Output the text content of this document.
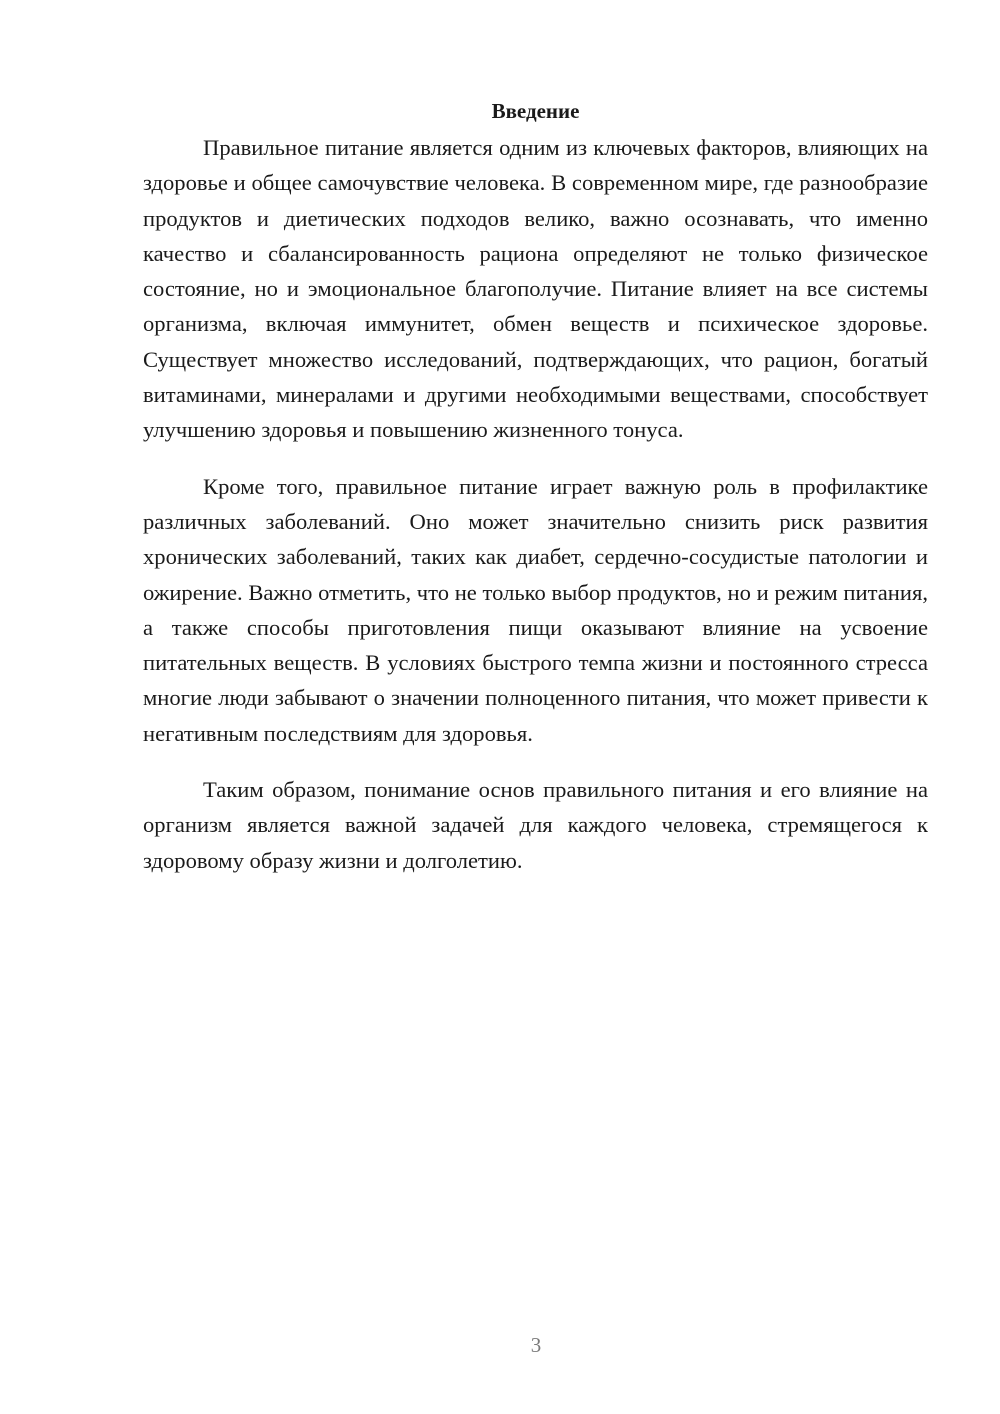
Введение

Правильное питание является одним из ключевых факторов, влияющих на здоровье и общее самочувствие человека. В современном мире, где разнообразие продуктов и диетических подходов велико, важно осознавать, что именно качество и сбалансированность рациона определяют не только физическое состояние, но и эмоциональное благополучие. Питание влияет на все системы организма, включая иммунитет, обмен веществ и психическое здоровье. Существует множество исследований, подтверждающих, что рацион, богатый витаминами, минералами и другими необходимыми веществами, способствует улучшению здоровья и повышению жизненного тонуса.

Кроме того, правильное питание играет важную роль в профилактике различных заболеваний. Оно может значительно снизить риск развития хронических заболеваний, таких как диабет, сердечно-сосудистые патологии и ожирение. Важно отметить, что не только выбор продуктов, но и режим питания, а также способы приготовления пищи оказывают влияние на усвоение питательных веществ. В условиях быстрого темпа жизни и постоянного стресса многие люди забывают о значении полноценного питания, что может привести к негативным последствиям для здоровья.

Таким образом, понимание основ правильного питания и его влияние на организм является важной задачей для каждого человека, стремящегося к здоровому образу жизни и долголетию.

3
